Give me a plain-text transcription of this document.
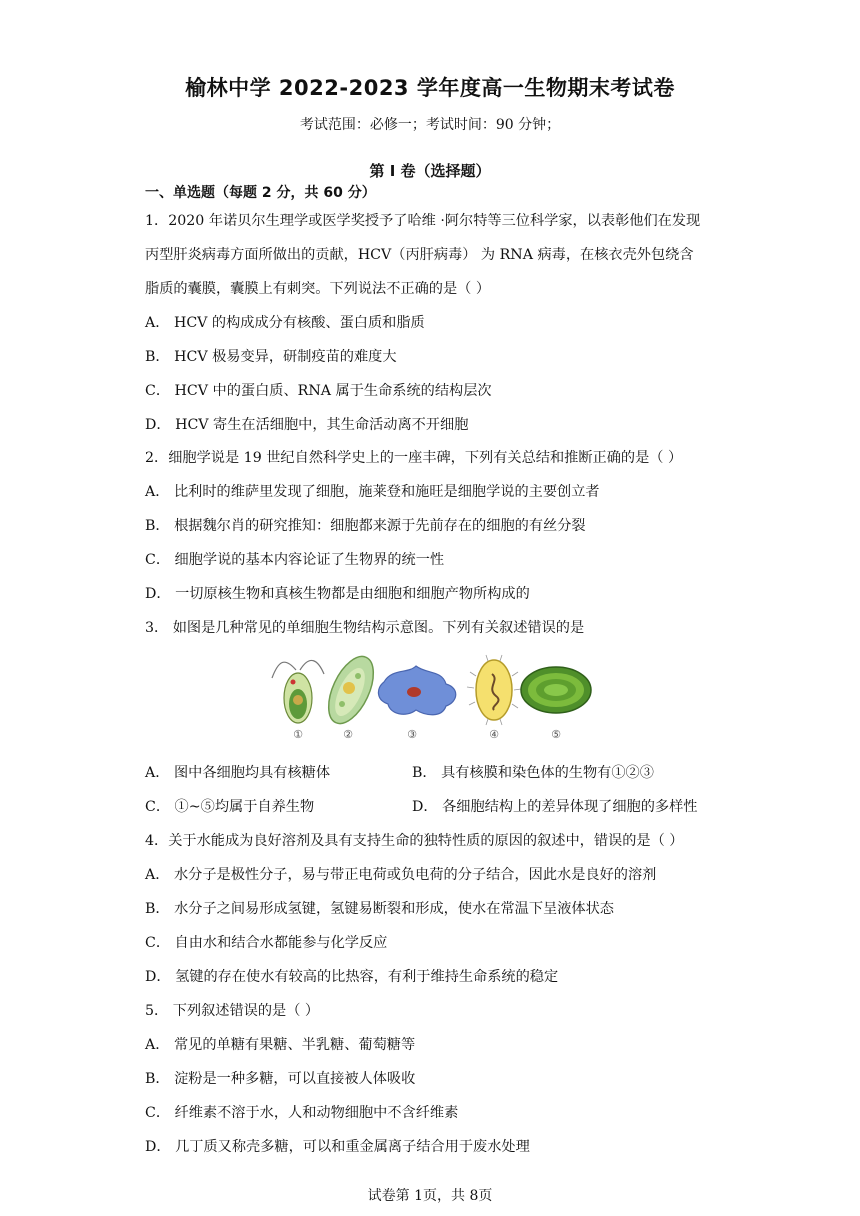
榆林中学 2022-2023 学年度高一生物期末考试卷
考试范围：必修一；考试时间：90 分钟；
第 I 卷（选择题）
一、单选题（每题 2 分，共 60 分）
1．2020 年诺贝尔生理学或医学奖授予了哈维 ·阿尔特等三位科学家，以表彰他们在发现
丙型肝炎病毒方面所做出的贡献，HCV（丙肝病毒） 为 RNA 病毒，在核衣壳外包绕含
脂质的囊膜，囊膜上有刺突。下列说法不正确的是（ ）
A． HCV 的构成成分有核酸、蛋白质和脂质
B． HCV 极易变异，研制疫苗的难度大
C． HCV 中的蛋白质、RNA 属于生命系统的结构层次
D． HCV 寄生在活细胞中，其生命活动离不开细胞
2．细胞学说是 19 世纪自然科学史上的一座丰碑，下列有关总结和推断正确的是（ ）
A． 比利时的维萨里发现了细胞，施莱登和施旺是细胞学说的主要创立者
B． 根据魏尔肖的研究推知：细胞都来源于先前存在的细胞的有丝分裂
C． 细胞学说的基本内容论证了生物界的统一性
D． 一切原核生物和真核生物都是由细胞和细胞产物所构成的
3． 如图是几种常见的单细胞生物结构示意图。下列有关叙述错误的是
①	②	③	④	⑤
A． 图中各细胞均具有核糖体	B． 具有核膜和染色体的生物有①②③
C． ①~⑤均属于自养生物	D． 各细胞结构上的差异体现了细胞的多样性
4．关于水能成为良好溶剂及具有支持生命的独特性质的原因的叙述中，错误的是（ ）
A． 水分子是极性分子，易与带正电荷或负电荷的分子结合，因此水是良好的溶剂
B． 水分子之间易形成氢键，氢键易断裂和形成，使水在常温下呈液体状态
C． 自由水和结合水都能参与化学反应
D． 氢键的存在使水有较高的比热容，有利于维持生命系统的稳定
5． 下列叙述错误的是（ ）
A． 常见的单糖有果糖、半乳糖、葡萄糖等
B． 淀粉是一种多糖，可以直接被人体吸收
C． 纤维素不溶于水，人和动物细胞中不含纤维素
D． 几丁质又称壳多糖，可以和重金属离子结合用于废水处理
试卷第 1页，共 8页
